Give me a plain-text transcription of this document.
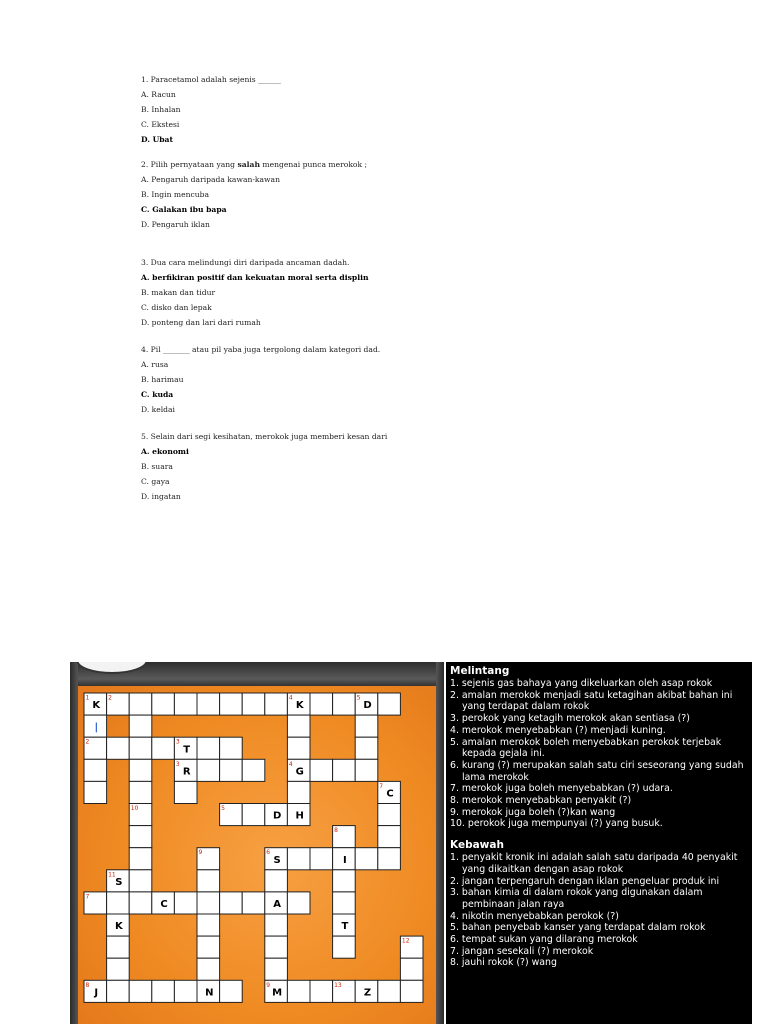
1. Paracetamol adalah sejenis ______
A. Racun
B. Inhalan
C. Ekstesi
D. Ubat
2. Pilih pernyataan yang salah mengenai punca merokok ;
A. Pengaruh daripada kawan-kawan
B. Ingin mencuba
C. Galakan ibu bapa
D. Pengaruh iklan
3. Dua cara melindungi diri daripada ancaman dadah.
A. berfikiran positif dan kekuatan moral serta displin
B. makan dan tidur
C. disko dan lepak
D. ponteng dan lari dari rumah
4. Pil _______ atau pil yaba juga tergolong dalam kategori dad.
A. rusa
B. harimau
C. kuda
D. keldai
5. Selain dari segi kesihatan, merokok juga memberi kesan dari
A. ekonomi
B. suara
C. gaya
D. ingatan
1
K
2	4
K
5
D
|
2	3
T
3
R
4
G
7
C
10	5
D H
8
9	6
S	I
11
S
7
C	A
K	T
12
8
J	N
9
M
13
Z
Melintang
1. sejenis gas bahaya yang dikeluarkan oleh asap rokok
2. amalan merokok menjadi satu ketagihan akibat bahan ini yang terdapat dalam rokok
3. perokok yang ketagih merokok akan sentiasa (?)
4. merokok menyebabkan (?) menjadi kuning.
5. amalan merokok boleh menyebabkan perokok terjebak kepada gejala ini.
6. kurang (?) merupakan salah satu ciri seseorang yang sudah lama merokok
7. merokok juga boleh menyebabkan (?) udara.
8. merokok menyebabkan penyakit (?)
9. merokok juga boleh (?)kan wang
10. perokok juga mempunyai (?) yang busuk.
Kebawah
1. penyakit kronik ini adalah salah satu daripada 40 penyakit yang dikaitkan dengan asap rokok
2. jangan terpengaruh dengan iklan pengeluar produk ini
3. bahan kimia di dalam rokok yang digunakan dalam pembinaan jalan raya
4. nikotin menyebabkan perokok (?)
5. bahan penyebab kanser yang terdapat dalam rokok
6. tempat sukan yang dilarang merokok
7. jangan sesekali (?) merokok
8. jauhi rokok (?) wang
